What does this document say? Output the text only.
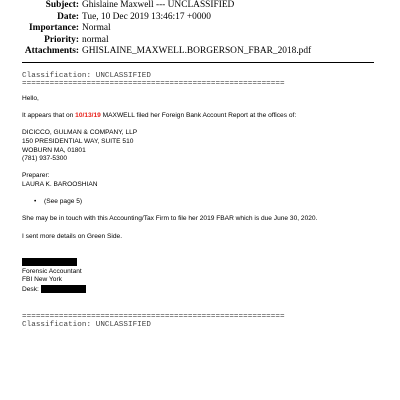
Subject: Ghislaine Maxwell --- UNCLASSIFIED
Date: Tue, 10 Dec 2019 13:46:17 +0000
Importance: Normal
Priority: normal
Attachments: GHISLAINE_MAXWELL.BORGERSON_FBAR_2018.pdf
Classification: UNCLASSIFIED
=========================================================

Hello,

It appears that on 10/13/19 MAXWELL filed her Foreign Bank Account Report at the offices of:

DICICCO, GULMAN & COMPANY, LLP

150 PRESIDENTIAL WAY, SUITE 510

WOBURN MA, 01801

(781) 937-5300

Preparer:

LAURA K. BAROOSHIAN

•	(See page 5)

She may be in touch with this Accounting/Tax Firm to file her 2019 FBAR which is due June 30, 2020.

I sent more details on Green Side.

Forensic Accountant

FBI New York

Desk:

=========================================================
Classification: UNCLASSIFIED
